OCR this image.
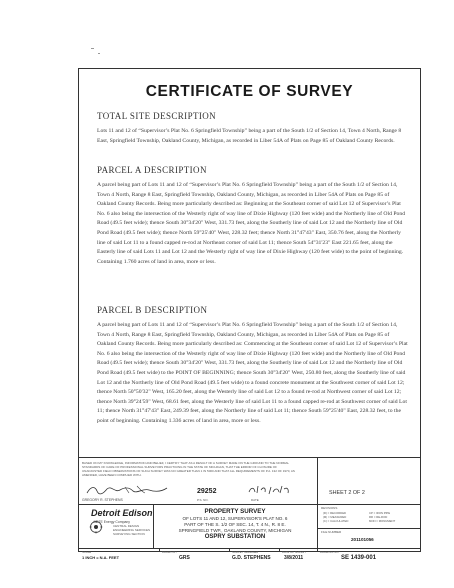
CERTIFICATE OF SURVEY
TOTAL SITE DESCRIPTION

Lots 11 and 12 of “Supervisor’s Plat No. 6 Springfield Township” being a part of the South 1/2 of Section 14, Town 4 North, Range 8 East, Springfield Township, Oakland County, Michigan, as recorded in Liber 54A of Plats on Page 85 of Oakland County Records.

PARCEL A DESCRIPTION

A parcel being part of Lots 11 and 12 of “Supervisor’s Plat No. 6 Springfield Township” being a part of the South 1/2 of Section 14, Town 4 North, Range 8 East, Springfield Township, Oakland County, Michigan, as recorded in Liber 54A of Plats on Page 85 of Oakland County Records. Being more particularly described as: Beginning at the Southeast corner of said Lot 12 of Supervisor’s Plat No. 6 also being the intersection of the Westerly right of way line of Dixie Highway (120 feet wide) and the Northerly line of Old Pond Road (49.5 feet wide); thence South 30°34'20" West, 331.73 feet, along the Southerly line of said Lot 12 and the Northerly line of Old Pond Road (49.5 feet wide); thence North 59°25'40" West, 228.32 feet; thence North 31°47'43" East, 350.76 feet, along the Northerly line of said Lot 11 to a found capped re-rod at Northeast corner of said Lot 11; thence South 54°31'23" East 221.65 feet, along the Easterly line of said Lots 11 and Lot 12 and the Westerly right of way line of Dixie Highway (120 feet wide) to the point of beginning. Containing 1.760 acres of land in area, more or less.

PARCEL B DESCRIPTION

A parcel being part of Lots 11 and 12 of “Supervisor’s Plat No. 6 Springfield Township” being a part of the South 1/2 of Section 14, Town 4 North, Range 8 East, Springfield Township, Oakland County, Michigan, as recorded in Liber 54A of Plats on Page 85 of Oakland County Records. Being more particularly described as: Commencing at the Southeast corner of said Lot 12 of Supervisor’s Plat No. 6 also being the intersection of the Westerly right of way line of Dixie Highway (120 feet wide) and the Northerly line of Old Pond Road (49.5 feet wide); thence South 30°34'20" West, 331.73 feet, along the Southerly line of said Lot 12 and the Northerly line of Old Pond Road (49.5 feet wide) to the POINT OF BEGINNING; thence South 30°34'20" West, 250.80 feet, along the Southerly line of said Lot 12 and the Northerly line of Old Pond Road (49.5 feet wide) to a found concrete monument at the Southwest corner of said Lot 12; thence North 50°50'32" West, 165.20 feet, along the Westerly line of said Lot 12 to a found re-rod at Northwest corner of said Lot 12; thence North 39°24'59" West, 68.61 feet, along the Westerly line of said Lot 11 to a found capped re-rod at Southwest corner of said Lot 11; thence North 31°47'43" East, 249.39 feet, along the Northerly line of said Lot 11; thence South 59°25'40" East, 228.32 feet, to the point of beginning. Containing 1.336 acres of land in area, more or less.

BASED ON MY KNOWLEDGE, INFORMATION AND BELIEF, I CERTIFY THAT AS A RESULT OF A SURVEY MADE ON THE GROUND TO THE NORMAL STANDARDS OF CARE OF PROFESSIONAL SURVEYORS PRACTICING IN THE STATE OF MICHIGAN, THAT THE ERROR OF CLOSURE OF UNADJUSTED FIELD OBSERVATIONS OF SUCH SURVEY WAS NO GREATER THAN 1 IN 5000 AND THAT ALL REQUIREMENTS OF P.A. 132 OF 1970, AS AMENDED, HAVE BEEN COMPLIED WITH.
GREGORY R. STEPHENS
29252
P.S. NO.	DATE
SHEET 2 OF 2
Detroit Edison
A DTE Energy Company
CENTRAL DESIGN
ENGINEERING SERVICES
SURVEYING SECTION
PROPERTY SURVEY
OF LOTS 11 AND 12, SUPERVISOR'S PLAT NO. 6
PART OF THE S. 1/2 OF SEC. 14, T. 4 N., R. 8 E.
SPRINGFIELD TWP., OAKLAND COUNTY, MICHIGAN
OSPRY SUBSTATION
REVISIONS
(R) = RECORDED
(M) = MEASURED
(C) = CALCULATED
CP = IRON PIPE
RR = RE-ROD
MON = MONUMENT
FILE NUMBER
201101056
SCALE
1 INCH = N.A. FEET
DRAWN BY
GRS
SURVEY MANAGER
G.D. STEPHENS
DATE OF SURVEY
3/8/2011
DRAWING NO.
SE 1439-001
